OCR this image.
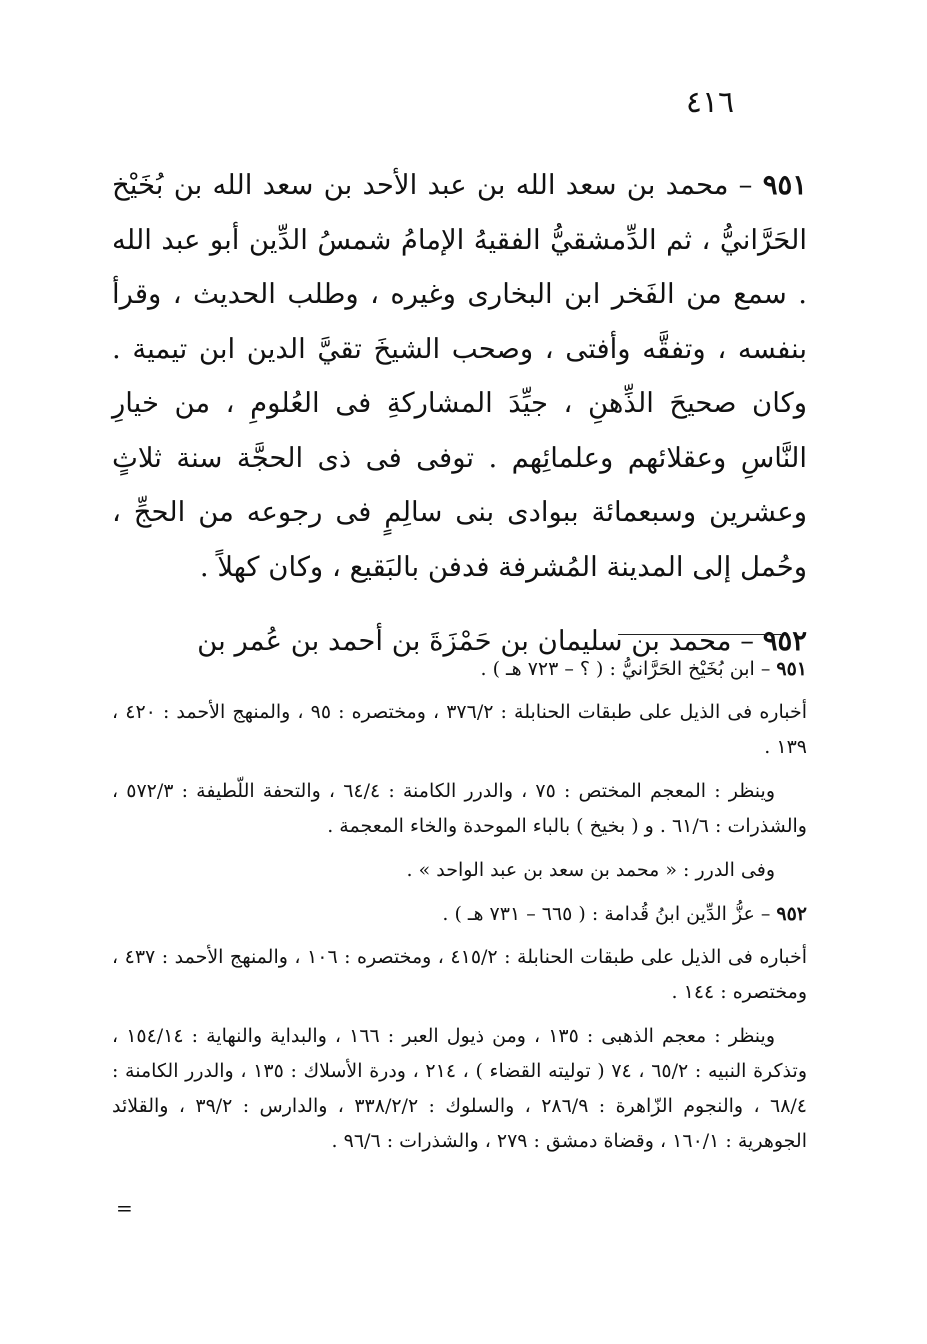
٤١٦

٩٥١ – محمد بن سعد الله بن عبد الأحد بن سعد الله بن بُخَيْخ الحَرَّانيُّ ، ثم الدِّمشقيُّ الفقيهُ الإمامُ شمسُ الدِّين أبو عبد الله . سمع من الفَخر ابن البخارى وغيره ، وطلب الحديث ، وقرأ بنفسه ، وتفقَّه وأفتى ، وصحب الشيخَ تقيَّ الدين ابن تيمية . وكان صحيحَ الذِّهنِ ، جيِّدَ المشاركةِ فى العُلومِ ، من خيارِ النَّاسِ وعقلائهم وعلمائِهم . توفى فى ذى الحجَّة سنة ثلاثٍ وعشرين وسبعمائة ببوادى بنى سالِمٍ فى رجوعه من الحجِّ ، وحُمل إلى المدينة المُشرفة فدفن بالبَقيع ، وكان كهلاً .

٩٥٢ – محمد بن سليمان بن حَمْزَةَ بن أحمد بن عُمر بن

٩٥١ – ابن بُخَيْخ الحَرَّانيُّ : ( ؟ – ٧٢٣ هـ ) .

أخباره فى الذيل على طبقات الحنابلة : ٣٧٦/٢ ، ومختصره : ٩٥ ، والمنهج الأحمد : ٤٢٠ ، ١٣٩ .

وينظر : المعجم المختص : ٧٥ ، والدرر الكامنة : ٦٤/٤ ، والتحفة اللّطيفة : ٥٧٢/٣ ، والشذرات : ٦١/٦ . و ( بخيخ ) بالباء الموحدة والخاء المعجمة .

وفى الدرر : « محمد بن سعد بن عبد الواحد » .

٩٥٢ – عزُّ الدِّين ابنُ قُدامة : ( ٦٦٥ – ٧٣١ هـ ) .

أخباره فى الذيل على طبقات الحنابلة : ٤١٥/٢ ، ومختصره : ١٠٦ ، والمنهج الأحمد : ٤٣٧ ، ومختصره : ١٤٤ .

وينظر : معجم الذهبى : ١٣٥ ، ومن ذيول العبر : ١٦٦ ، والبداية والنهاية : ١٥٤/١٤ ، وتذكرة النبيه : ٦٥/٢ ، ٧٤ ( توليته القضاء ) ، ٢١٤ ، ودرة الأسلاك : ١٣٥ ، والدرر الكامنة : ٦٨/٤ ، والنجوم الزّاهرة : ٢٨٦/٩ ، والسلوك : ٣٣٨/٢/٢ ، والدارس : ٣٩/٢ ، والقلائد الجوهرية : ١٦٠/١ ، وقضاة دمشق : ٢٧٩ ، والشذرات : ٩٦/٦ .

=
